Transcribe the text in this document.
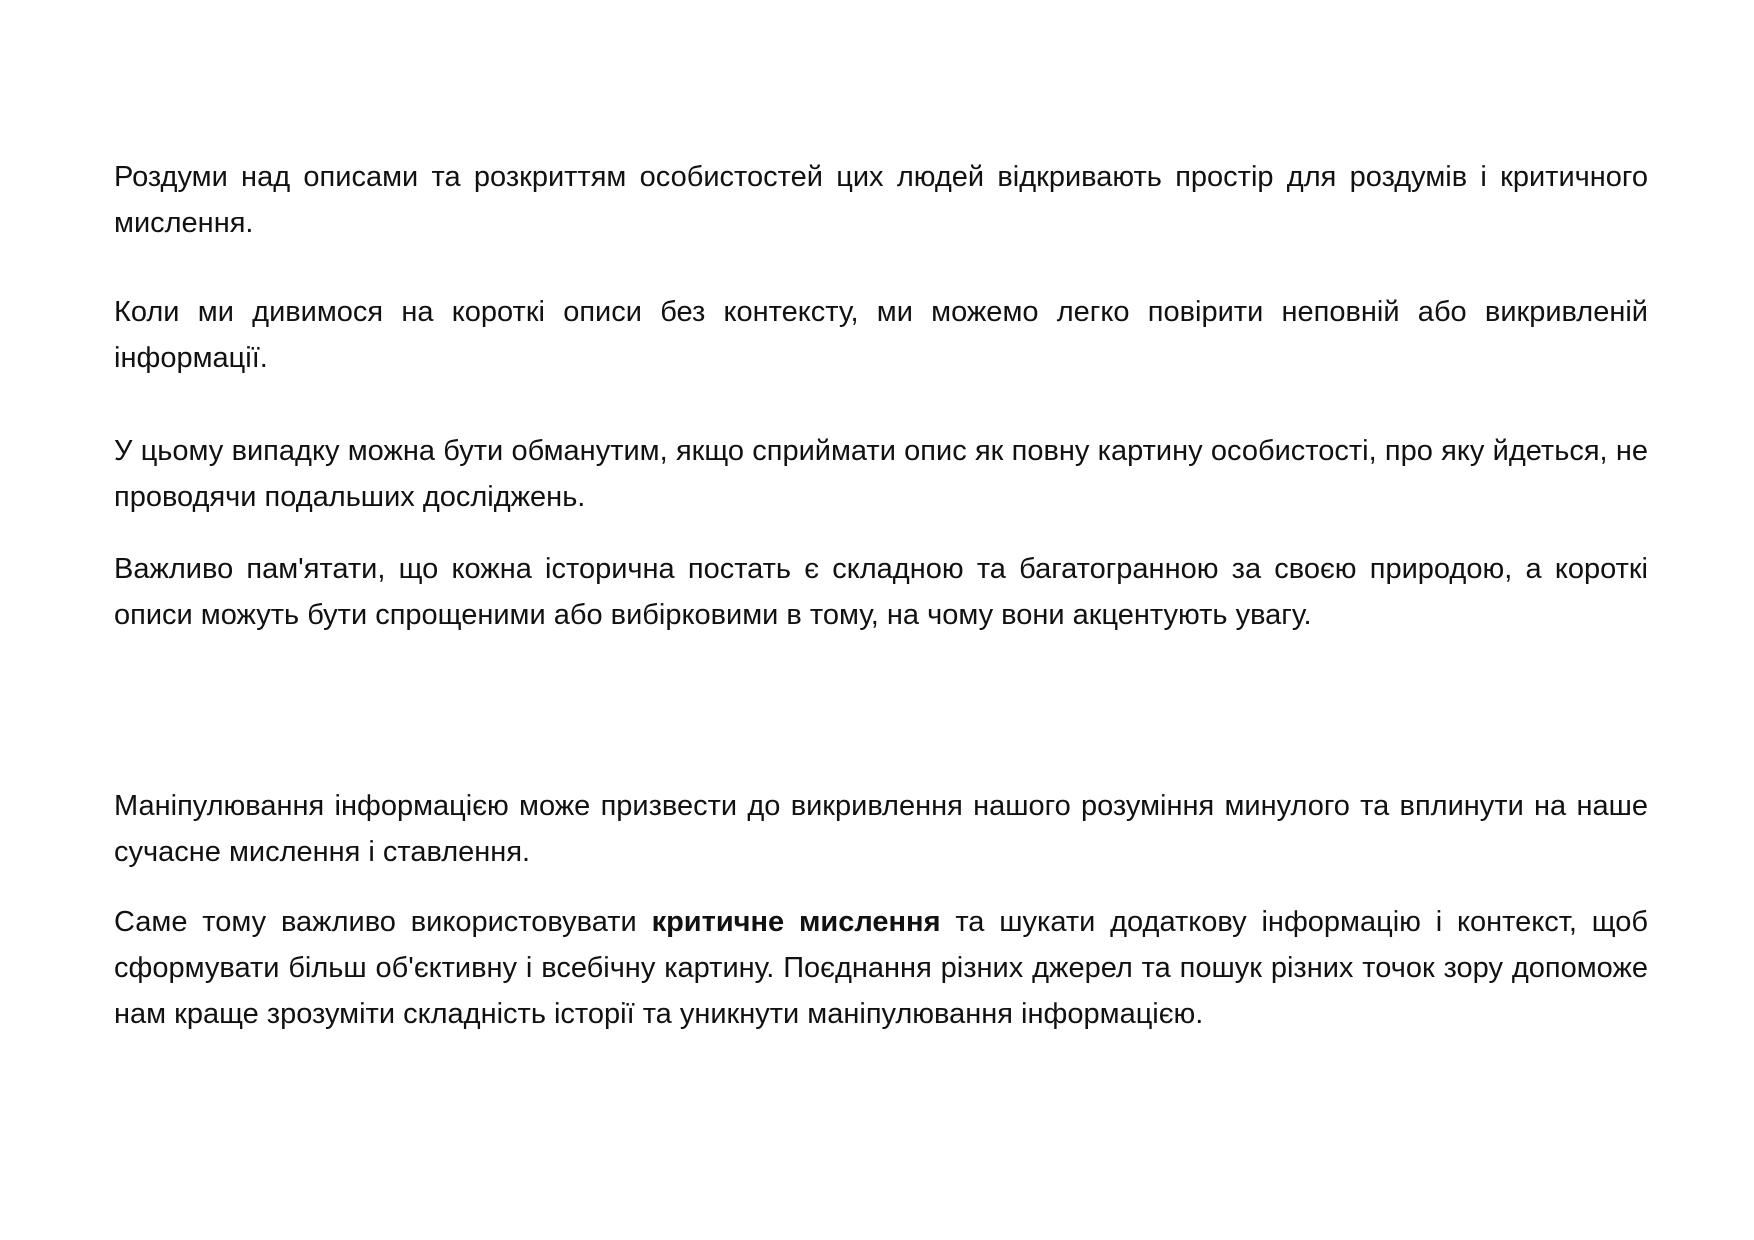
Роздуми над описами та розкриттям особистостей цих людей відкривають простір для роздумів і критичного мислення.

Коли ми дивимося на короткі описи без контексту, ми можемо легко повірити неповній або викривленій інформації.

У цьому випадку можна бути обманутим, якщо сприймати опис як повну картину особистості, про яку йдеться, не проводячи подальших досліджень.

Важливо пам'ятати, що кожна історична постать є складною та багатогранною за своєю природою, а короткі описи можуть бути спрощеними або вибірковими в тому, на чому вони акцентують увагу.

Маніпулювання інформацією може призвести до викривлення нашого розуміння минулого та вплинути на наше сучасне мислення і ставлення.

Саме тому важливо використовувати критичне мислення та шукати додаткову інформацію і контекст, щоб сформувати більш об'єктивну і всебічну картину. Поєднання різних джерел та пошук різних точок зору допоможе нам краще зрозуміти складність історії та уникнути маніпулювання інформацією.
